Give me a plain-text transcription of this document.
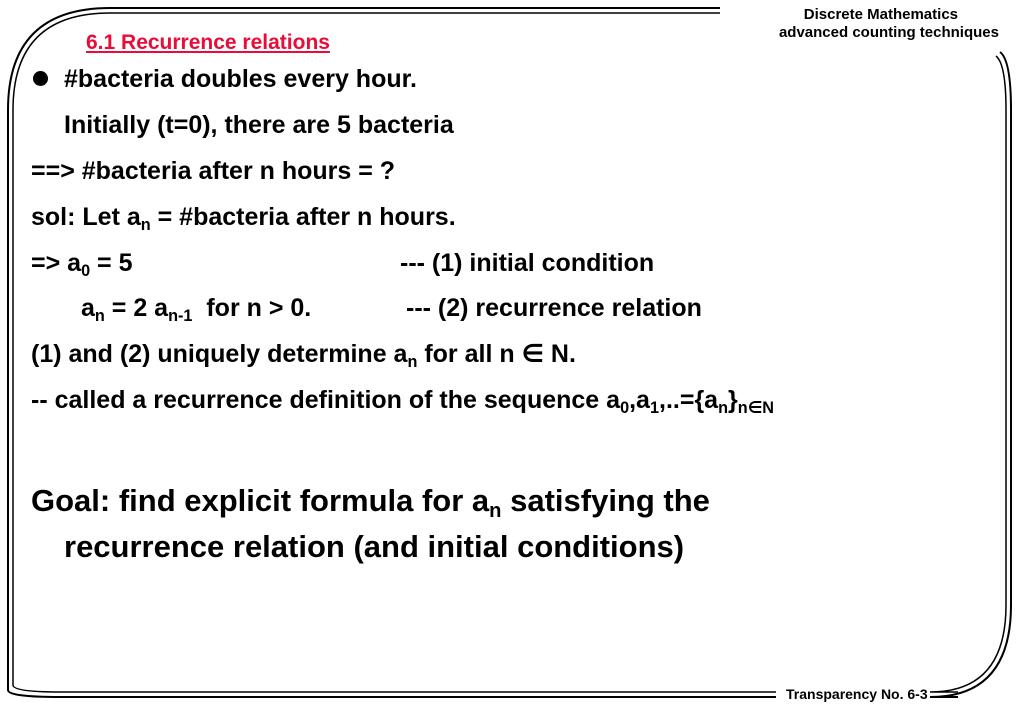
Discrete Mathematics
advanced counting techniques
6.1 Recurrence relations
#bacteria doubles every hour.
Initially (t=0), there are 5 bacteria
==> #bacteria after n hours = ?
sol: Let $a_n$ = #bacteria after n hours.
=> $a_0 = 5$	--- (1) initial condition
$a_n = 2$ $a_{n-1}$  for n > 0.	--- (2) recurrence relation
(1) and (2) uniquely determine $a_n$ for all n ∈ N.
-- called a recurrence definition of the sequence $a_0,a_1,..=\{a_n\}_{n\in N}$
Goal: find explicit formula for $a_n$ satisfying the
recurrence relation (and initial conditions)
Transparency No. 6-3
